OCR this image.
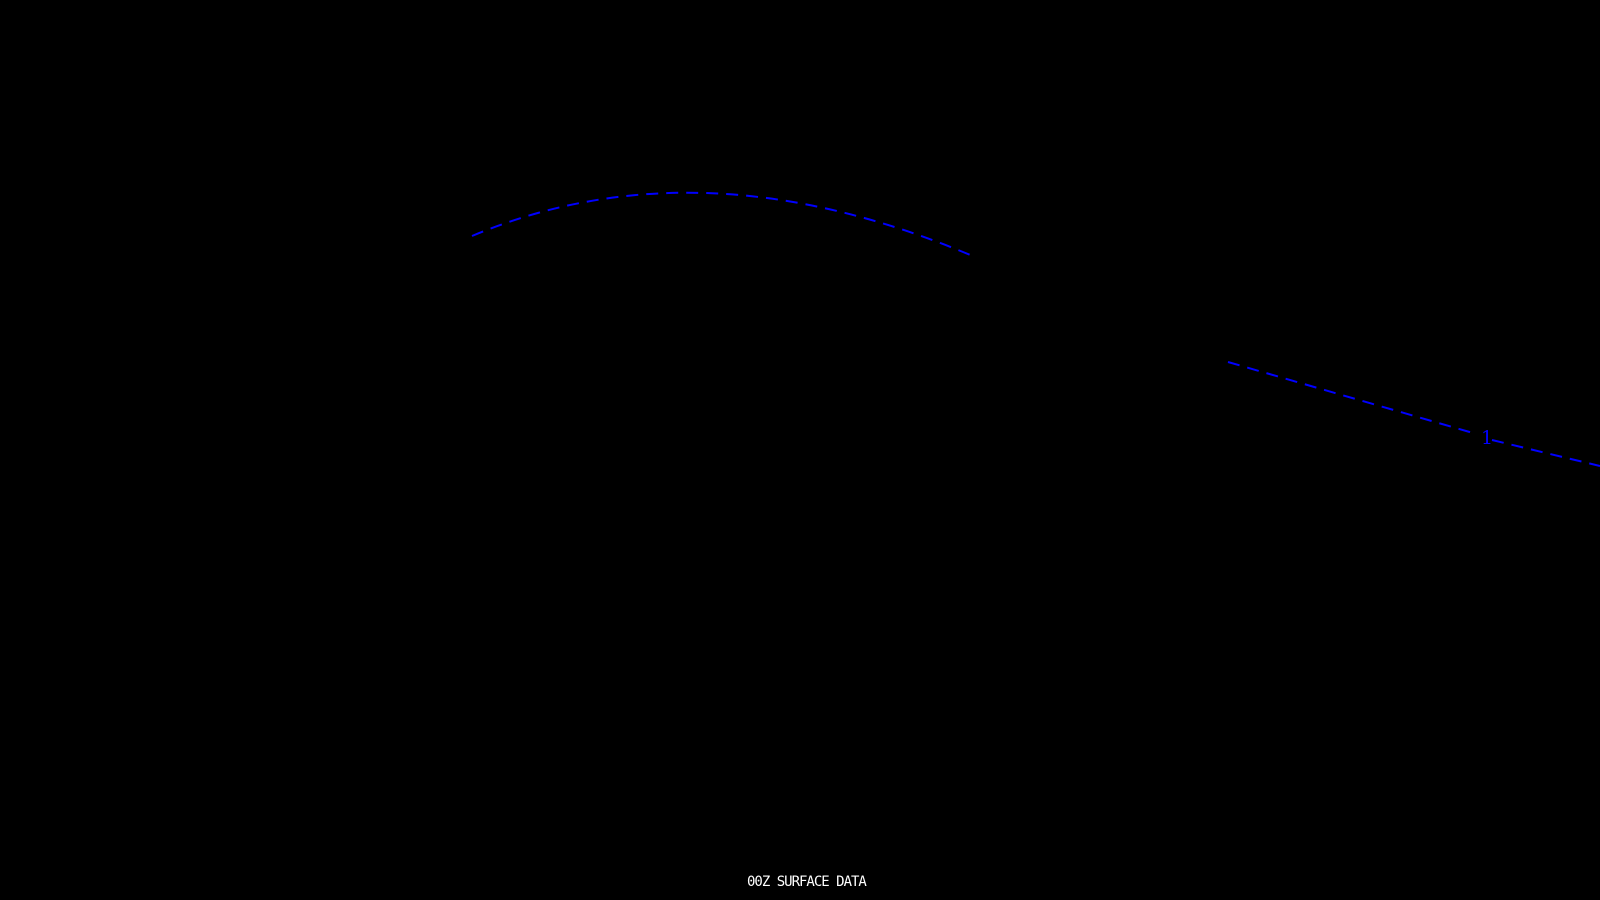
1
00Z SURFACE DATA
